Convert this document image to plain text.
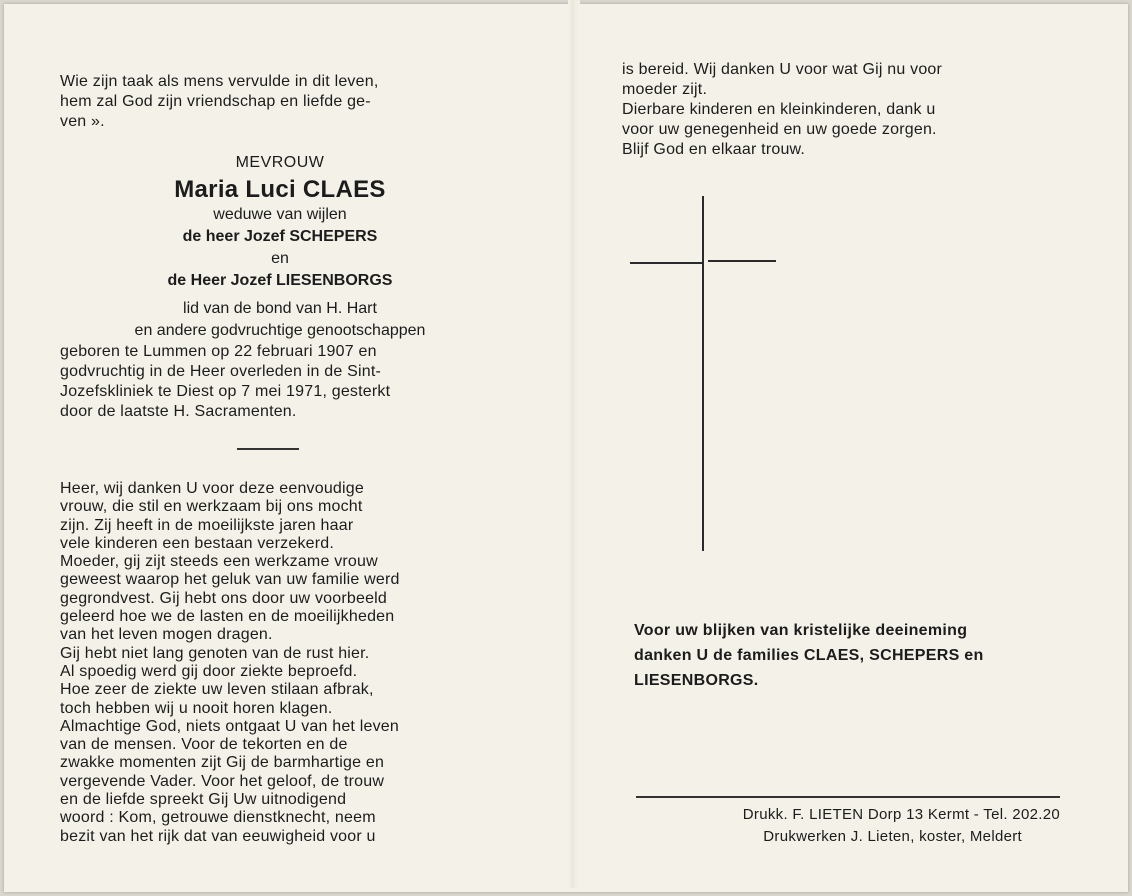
Wie zijn taak als mens vervulde in dit leven,

hem zal God zijn vriendschap en liefde ge-

ven ».

MEVROUW
Maria Luci CLAES
weduwe van wijlen
de heer Jozef SCHEPERS
en
de Heer Jozef LIESENBORGS
lid van de bond van H. Hart
en andere godvruchtige genootschappen

geboren te Lummen op 22 februari 1907 en

godvruchtig in de Heer overleden in de Sint-

Jozefskliniek te Diest op 7 mei 1971, gesterkt

door de laatste H. Sacramenten.

Heer, wij danken U voor deze eenvoudige

vrouw, die stil en werkzaam bij ons mocht

zijn. Zij heeft in de moeilijkste jaren haar

vele kinderen een bestaan verzekerd.

Moeder, gij zijt steeds een werkzame vrouw

geweest waarop het geluk van uw familie werd

gegrondvest. Gij hebt ons door uw voorbeeld

geleerd hoe we de lasten en de moeilijkheden

van het leven mogen dragen.

Gij hebt niet lang genoten van de rust hier.

Al spoedig werd gij door ziekte beproefd.

Hoe zeer de ziekte uw leven stilaan afbrak,

toch hebben wij u nooit horen klagen.

Almachtige God, niets ontgaat U van het leven

van de mensen. Voor de tekorten en de

zwakke momenten zijt Gij de barmhartige en

vergevende Vader. Voor het geloof, de trouw

en de liefde spreekt Gij Uw uitnodigend

woord : Kom, getrouwe dienstknecht, neem

bezit van het rijk dat van eeuwigheid voor u

is bereid. Wij danken U voor wat Gij nu voor

moeder zijt.

Dierbare kinderen en kleinkinderen, dank u

voor uw genegenheid en uw goede zorgen.

Blijf God en elkaar trouw.

Voor uw blijken van kristelijke deeineming
danken U de families CLAES, SCHEPERS en
LIESENBORGS.
Drukk. F. LIETEN Dorp 13 Kermt - Tel. 202.20
Drukwerken J. Lieten, koster, Meldert
